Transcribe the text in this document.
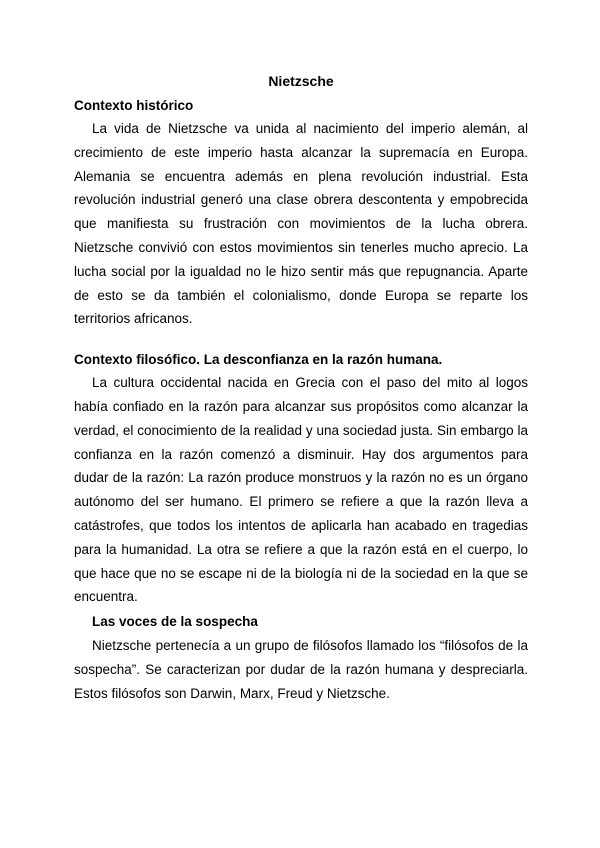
Nietzsche
Contexto histórico

La vida de Nietzsche va unida al nacimiento del imperio alemán, al crecimiento de este imperio hasta alcanzar la supremacía en Europa. Alemania se encuentra además en plena revolución industrial. Esta revolución industrial generó una clase obrera descontenta y empobrecida que manifiesta su frustración con movimientos de la lucha obrera. Nietzsche convivió con estos movimientos sin tenerles mucho aprecio. La lucha social por la igualdad no le hizo sentir más que repugnancia. Aparte de esto se da también el colonialismo, donde Europa se reparte los territorios africanos.

Contexto filosófico. La desconfianza en la razón humana.

La cultura occidental nacida en Grecia con el paso del mito al logos había confiado en la razón para alcanzar sus propósitos como alcanzar la verdad, el conocimiento de la realidad y una sociedad justa. Sin embargo la confianza en la razón comenzó a disminuir. Hay dos argumentos para dudar de la razón: La razón produce monstruos y la razón no es un órgano autónomo del ser humano. El primero se refiere a que la razón lleva a catástrofes, que todos los intentos de aplicarla han acabado en tragedias para la humanidad. La otra se refiere a que la razón está en el cuerpo, lo que hace que no se escape ni de la biología ni de la sociedad en la que se encuentra.

Las voces de la sospecha

Nietzsche pertenecía a un grupo de filósofos llamado los “filósofos de la sospecha”. Se caracterizan por dudar de la razón humana y despreciarla. Estos filósofos son Darwin, Marx, Freud y Nietzsche.
